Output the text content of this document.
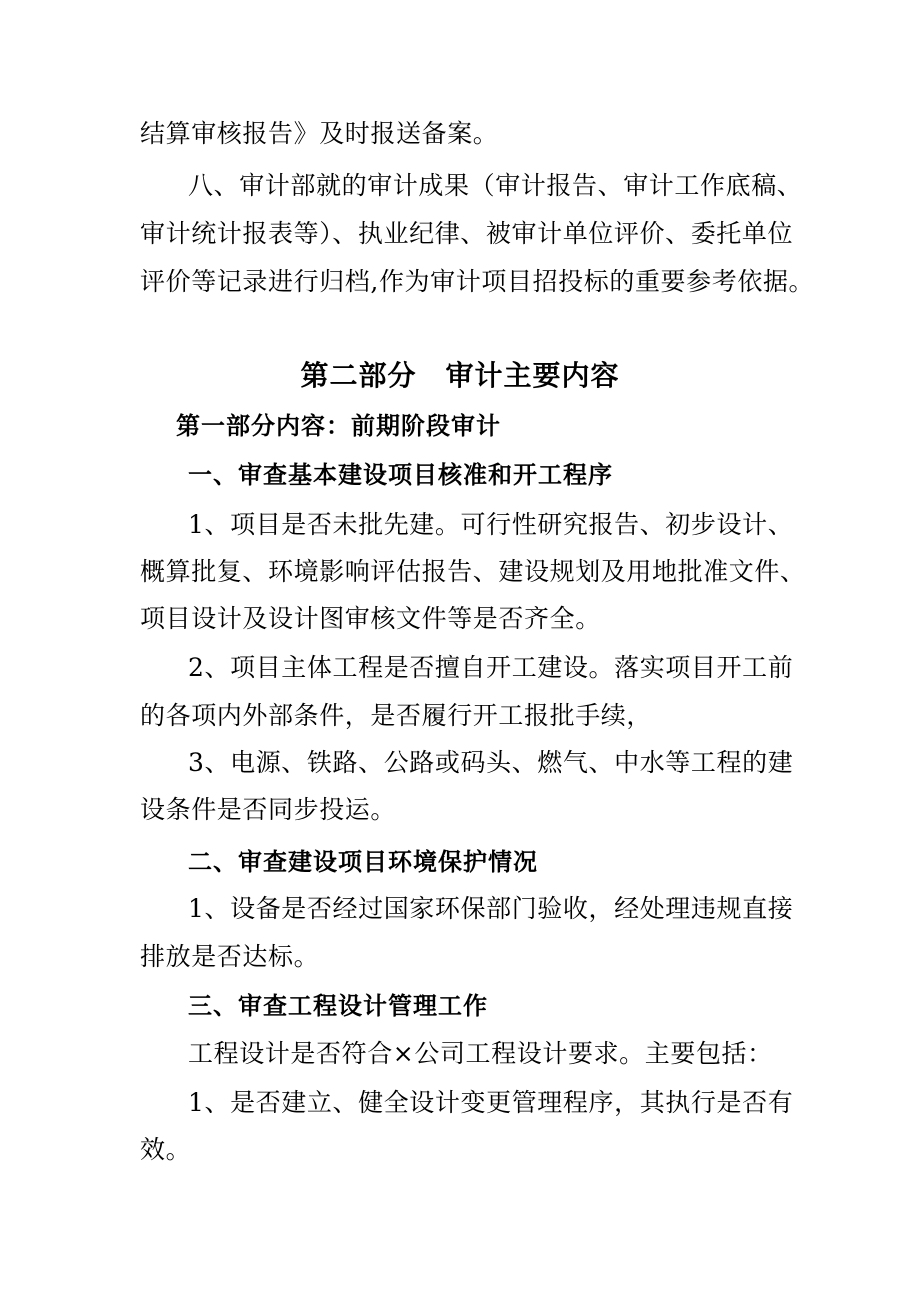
结算审核报告》及时报送备案。

八、审计部就的审计成果（审计报告、审计工作底稿、

审计统计报表等）、执业纪律、被审计单位评价、委托单位

评价等记录进行归档,作为审计项目招投标的重要参考依据。

第二部分　审计主要内容
第一部分内容：前期阶段审计
一、审查基本建设项目核准和开工程序

1、项目是否未批先建。可行性研究报告、初步设计、

概算批复、环境影响评估报告、建设规划及用地批准文件、

项目设计及设计图审核文件等是否齐全。

2、项目主体工程是否擅自开工建设。落实项目开工前

的各项内外部条件，是否履行开工报批手续，

3、电源、铁路、公路或码头、燃气、中水等工程的建

设条件是否同步投运。

二、审查建设项目环境保护情况

1、设备是否经过国家环保部门验收，经处理违规直接

排放是否达标。

三、审查工程设计管理工作

工程设计是否符合×公司工程设计要求。主要包括：

1、是否建立、健全设计变更管理程序，其执行是否有

效。
